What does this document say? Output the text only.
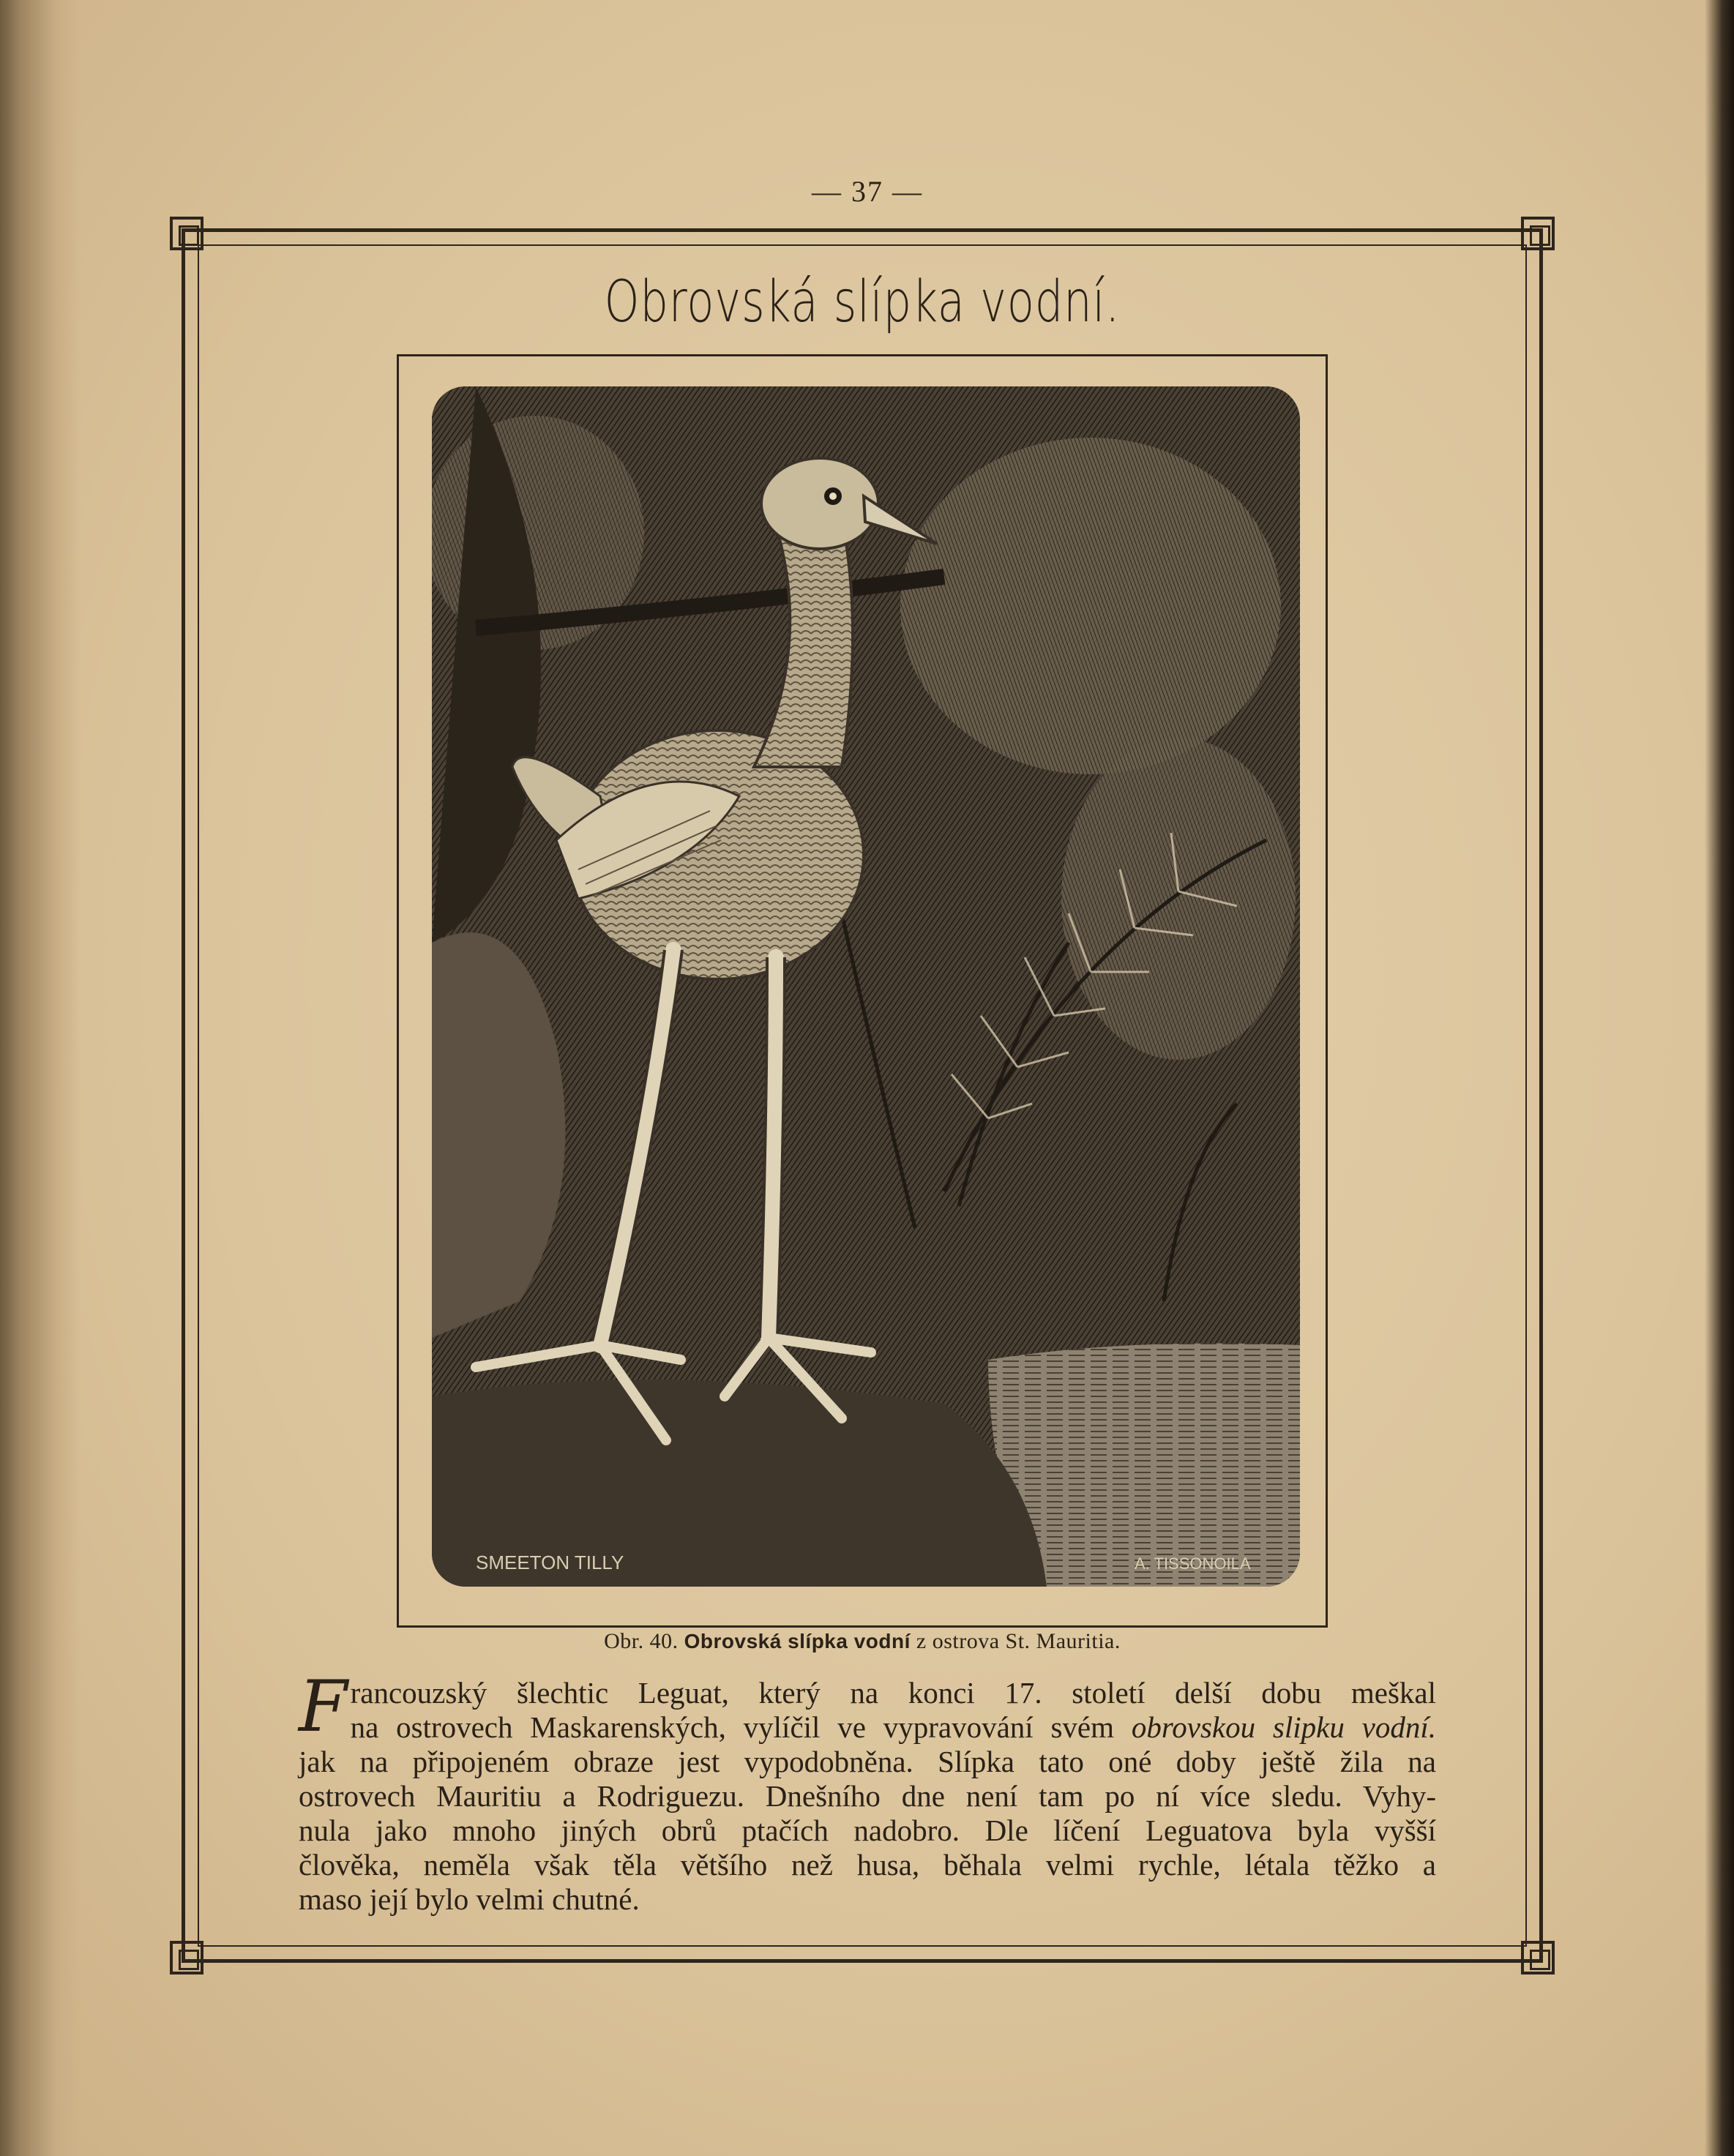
— 37 —
Obrovská slípka vodní.
SMEETON TILLY	A. TISSONOILA
Obr. 40. Obrovská slípka vodní z ostrova St. Mauritia.
F rancouzský šlechtic Leguat, který na konci 17. století delší dobu meškal
na ostrovech Maskarenských, vylíčil ve vypravování svém obrovskou slipku vodní.
jak na připojeném obraze jest vypodobněna. Slípka tato oné doby ještě žila na
ostrovech Mauritiu a Rodriguezu. Dnešního dne není tam po ní více sledu. Vyhy-
nula jako mnoho jiných obrů ptačích nadobro. Dle líčení Leguatova byla vyšší
člověka, neměla však těla většího než husa, běhala velmi rychle, létala těžko a
maso její bylo velmi chutné.
